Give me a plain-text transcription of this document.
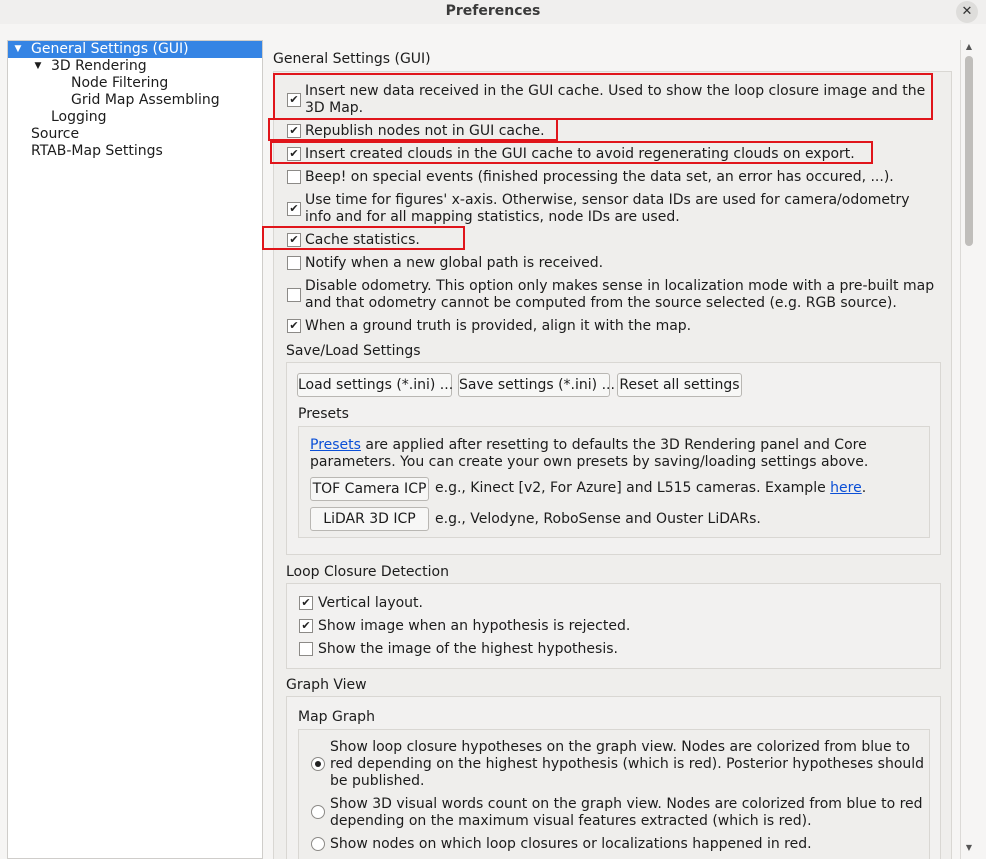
Preferences	✕
▼ General Settings (GUI)
▼ 3D Rendering
Node Filtering
Grid Map Assembling
Logging
Source
RTAB-Map Settings
General Settings (GUI)
✔
Insert new data received in the GUI cache. Used to show the loop closure image and the 3D Map.
✔ Republish nodes not in GUI cache.
✔ Insert created clouds in the GUI cache to avoid regenerating clouds on export.
Beep! on special events (finished processing the data set, an error has occured, ...).
✔
Use time for figures' x-axis. Otherwise, sensor data IDs are used for camera/odometry info and for all mapping statistics, node IDs are used.
✔ Cache statistics.
Notify when a new global path is received.
Disable odometry. This option only makes sense in localization mode with a pre-built map and that odometry cannot be computed from the source selected (e.g. RGB source).
✔ When a ground truth is provided, align it with the map.
Save/Load Settings
Load settings (*.ini) ... Save settings (*.ini) ... Reset all settings
Presets
Presets are applied after resetting to defaults the 3D Rendering panel and Core parameters. You can create your own presets by saving/loading settings above.
TOF Camera ICP e.g., Kinect [v2, For Azure] and L515 cameras. Example here.
LiDAR 3D ICP	e.g., Velodyne, RoboSense and Ouster LiDARs.
Loop Closure Detection
✔ Vertical layout.
✔ Show image when an hypothesis is rejected.
Show the image of the highest hypothesis.
Graph View
Map Graph
Show loop closure hypotheses on the graph view. Nodes are colorized from blue to red depending on the highest hypothesis (which is red). Posterior hypotheses should be published.
Show 3D visual words count on the graph view. Nodes are colorized from blue to red depending on the maximum visual features extracted (which is red).
Show nodes on which loop closures or localizations happened in red.
▲
▼
